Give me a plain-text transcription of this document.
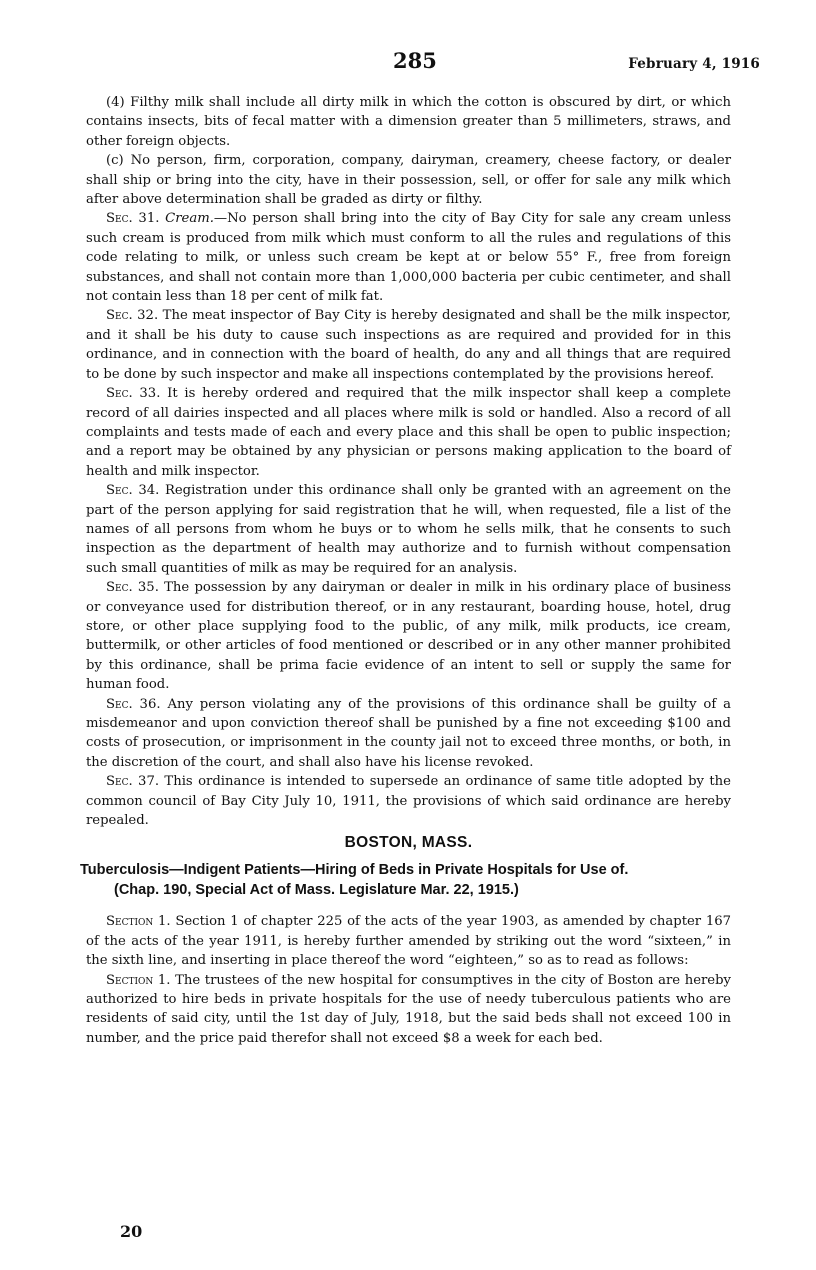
285	February 4, 1916

(4) Filthy milk shall include all dirty milk in which the cotton is obscured by dirt, or which contains insects, bits of fecal matter with a dimension greater than 5 millimeters, straws, and other foreign objects.

(c) No person, firm, corporation, company, dairyman, creamery, cheese factory, or dealer shall ship or bring into the city, have in their possession, sell, or offer for sale any milk which after above determination shall be graded as dirty or filthy.

Sec. 31. Cream.—No person shall bring into the city of Bay City for sale any cream unless such cream is produced from milk which must conform to all the rules and regulations of this code relating to milk, or unless such cream be kept at or below 55° F., free from foreign substances, and shall not contain more than 1,000,000 bacteria per cubic centimeter, and shall not contain less than 18 per cent of milk fat.

Sec. 32. The meat inspector of Bay City is hereby designated and shall be the milk inspector, and it shall be his duty to cause such inspections as are required and provided for in this ordinance, and in connection with the board of health, do any and all things that are required to be done by such inspector and make all inspections contemplated by the provisions hereof.

Sec. 33. It is hereby ordered and required that the milk inspector shall keep a complete record of all dairies inspected and all places where milk is sold or handled. Also a record of all complaints and tests made of each and every place and this shall be open to public inspection; and a report may be obtained by any physician or persons making application to the board of health and milk inspector.

Sec. 34. Registration under this ordinance shall only be granted with an agreement on the part of the person applying for said registration that he will, when requested, file a list of the names of all persons from whom he buys or to whom he sells milk, that he consents to such inspection as the department of health may authorize and to furnish without compensation such small quantities of milk as may be required for an analysis.

Sec. 35. The possession by any dairyman or dealer in milk in his ordinary place of business or conveyance used for distribution thereof, or in any restaurant, boarding house, hotel, drug store, or other place supplying food to the public, of any milk, milk products, ice cream, buttermilk, or other articles of food mentioned or described or in any other manner prohibited by this ordinance, shall be prima facie evidence of an intent to sell or supply the same for human food.

Sec. 36. Any person violating any of the provisions of this ordinance shall be guilty of a misdemeanor and upon conviction thereof shall be punished by a fine not exceeding $100 and costs of prosecution, or imprisonment in the county jail not to exceed three months, or both, in the discretion of the court, and shall also have his license revoked.

Sec. 37. This ordinance is intended to supersede an ordinance of same title adopted by the common council of Bay City July 10, 1911, the provisions of which said ordinance are hereby repealed.

BOSTON, MASS.
Tuberculosis—Indigent Patients—Hiring of Beds in Private Hospitals for Use of.
(Chap. 190, Special Act of Mass. Legislature Mar. 22, 1915.)

Section 1. Section 1 of chapter 225 of the acts of the year 1903, as amended by chapter 167 of the acts of the year 1911, is hereby further amended by striking out the word “sixteen,” in the sixth line, and inserting in place thereof the word “eighteen,” so as to read as follows:

Section 1. The trustees of the new hospital for consumptives in the city of Boston are hereby authorized to hire beds in private hospitals for the use of needy tuberculous patients who are residents of said city, until the 1st day of July, 1918, but the said beds shall not exceed 100 in number, and the price paid therefor shall not exceed $8 a week for each bed.

20
